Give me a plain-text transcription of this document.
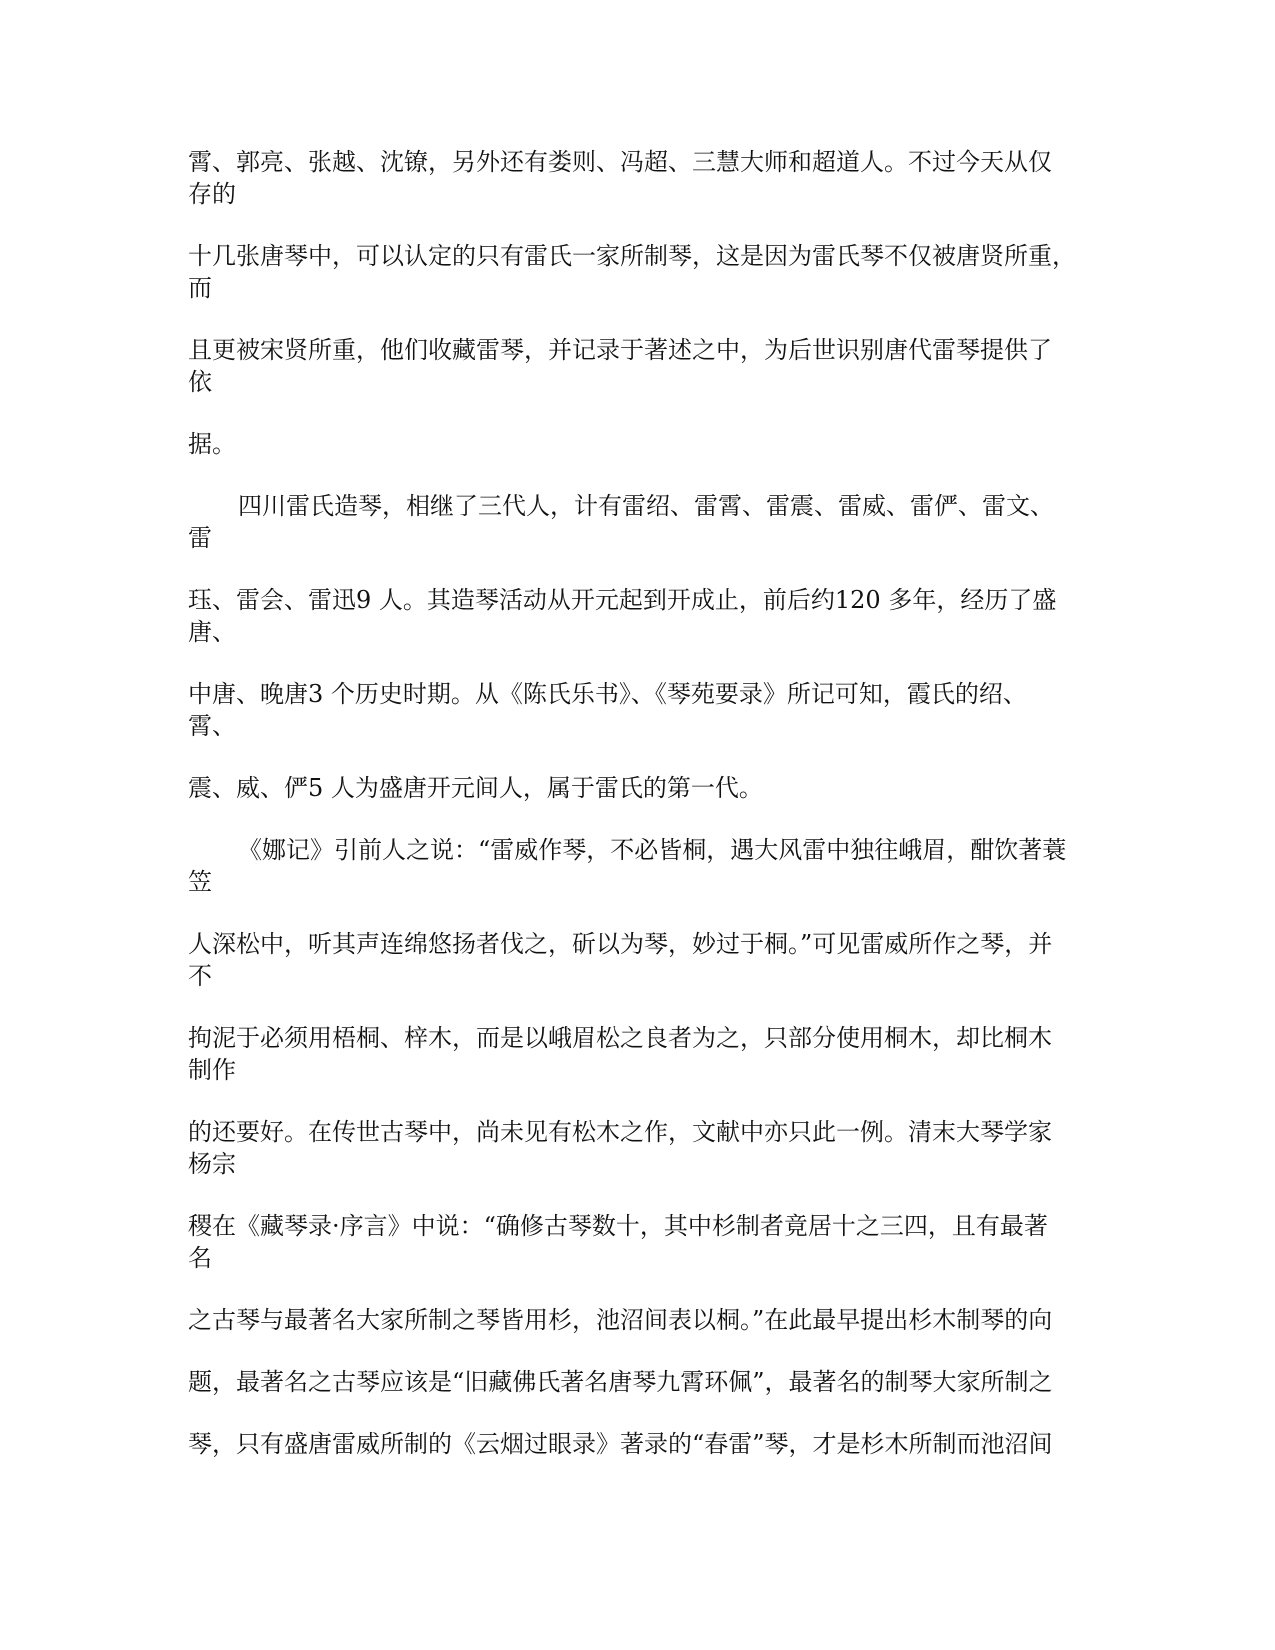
霄、郭亮、张越、沈镣，另外还有娄则、冯超、三慧大师和超道人。不过今天从仅
存的
十几张唐琴中，可以认定的只有雷氏一家所制琴，这是因为雷氏琴不仅被唐贤所重，
而
且更被宋贤所重，他们收藏雷琴，并记录于著述之中，为后世识别唐代雷琴提供了
依
据。
四川雷氏造琴，相继了三代人，计有雷绍、雷霄、雷震、雷威、雷俨、雷文、
雷
珏、雷会、雷迅9 人。其造琴活动从开元起到开成止，前后约120 多年，经历了盛
唐、
中唐、晚唐3 个历史时期。从《陈氏乐书》、《琴苑要录》所记可知，霞氏的绍、
霄、
震、威、俨5 人为盛唐开元间人，属于雷氏的第一代。
《娜记》引前人之说：“雷威作琴，不必皆桐，遇大风雷中独往峨眉，酣饮著蓑
笠
人深松中，听其声连绵悠扬者伐之，斫以为琴，妙过于桐。”可见雷威所作之琴，并
不
拘泥于必须用梧桐、梓木，而是以峨眉松之良者为之，只部分使用桐木，却比桐木
制作
的还要好。在传世古琴中，尚未见有松木之作，文献中亦只此一例。清末大琴学家
杨宗
稷在《藏琴录·序言》中说：“确修古琴数十，其中杉制者竟居十之三四，且有最著
名
之古琴与最著名大家所制之琴皆用杉，池沼间表以桐。”在此最早提出杉木制琴的向
题，最著名之古琴应该是“旧藏佛氏著名唐琴九霄环佩”，最著名的制琴大家所制之
琴，只有盛唐雷威所制的《云烟过眼录》著录的“春雷”琴，才是杉木所制而池沼间
